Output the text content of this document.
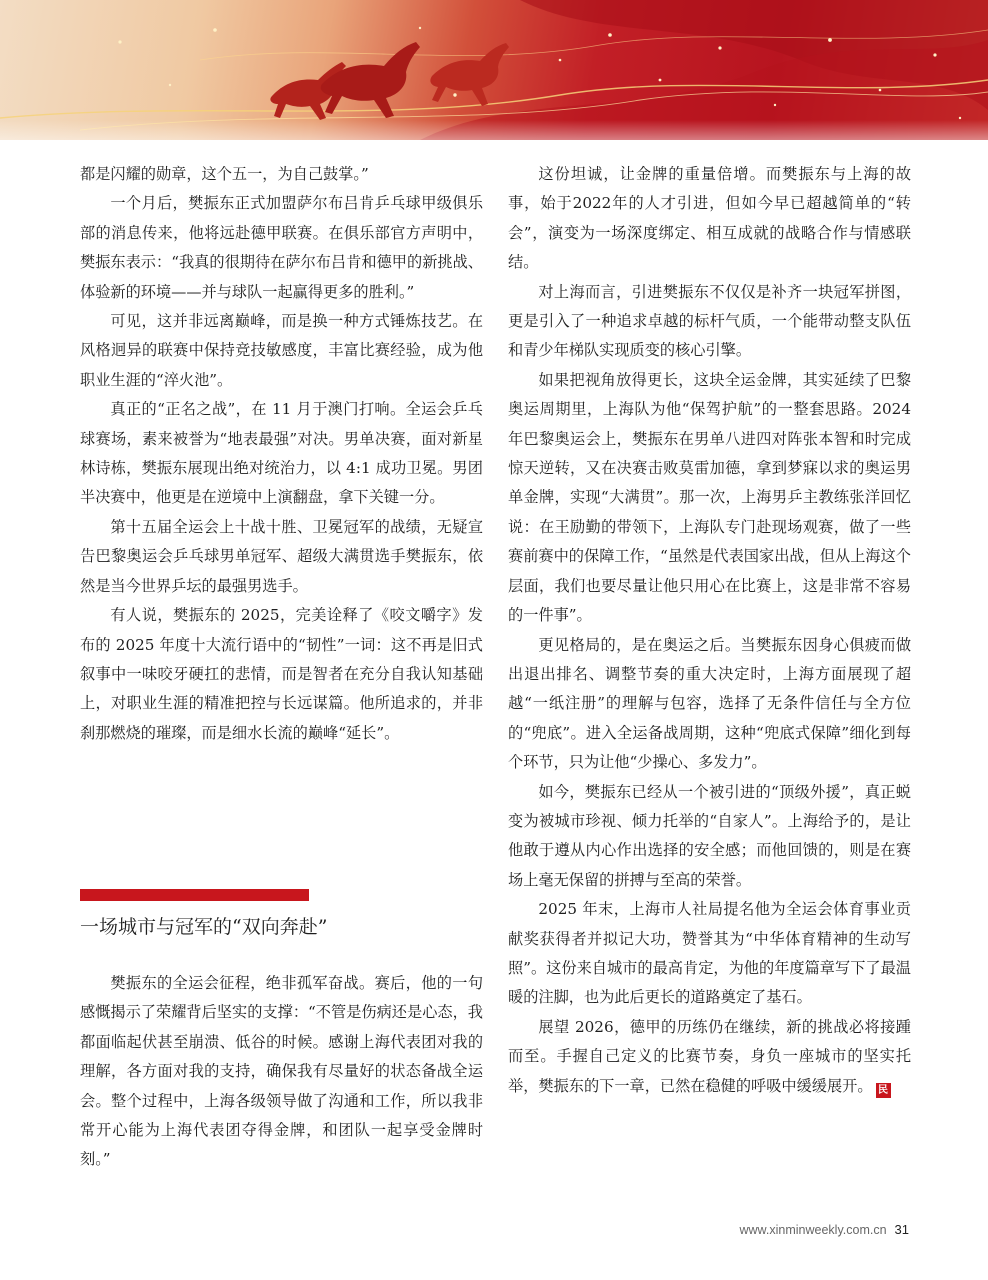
都是闪耀的勋章，这个五一，为自己鼓掌。”

一个月后，樊振东正式加盟萨尔布吕肯乒乓球甲级俱乐部的消息传来，他将远赴德甲联赛。在俱乐部官方声明中，樊振东表示：“我真的很期待在萨尔布吕肯和德甲的新挑战、体验新的环境——并与球队一起赢得更多的胜利。”

可见，这并非远离巅峰，而是换一种方式锤炼技艺。在风格迥异的联赛中保持竞技敏感度，丰富比赛经验，成为他职业生涯的“淬火池”。

真正的“正名之战”，在 11 月于澳门打响。全运会乒乓球赛场，素来被誉为“地表最强”对决。男单决赛，面对新星林诗栋，樊振东展现出绝对统治力，以 4:1 成功卫冕。男团半决赛中，他更是在逆境中上演翻盘，拿下关键一分。

第十五届全运会上十战十胜、卫冕冠军的战绩，无疑宣告巴黎奥运会乒乓球男单冠军、超级大满贯选手樊振东，依然是当今世界乒坛的最强男选手。

有人说，樊振东的 2025，完美诠释了《咬文嚼字》发布的 2025 年度十大流行语中的“韧性”一词：这不再是旧式叙事中一味咬牙硬扛的悲情，而是智者在充分自我认知基础上，对职业生涯的精准把控与长远谋篇。他所追求的，并非刹那燃烧的璀璨，而是细水长流的巅峰“延长”。

一场城市与冠军的“双向奔赴”

樊振东的全运会征程，绝非孤军奋战。赛后，他的一句感慨揭示了荣耀背后坚实的支撑：“不管是伤病还是心态，我都面临起伏甚至崩溃、低谷的时候。感谢上海代表团对我的理解，各方面对我的支持，确保我有尽量好的状态备战全运会。整个过程中，上海各级领导做了沟通和工作，所以我非常开心能为上海代表团夺得金牌，和团队一起享受金牌时刻。”

这份坦诚，让金牌的重量倍增。而樊振东与上海的故事，始于2022年的人才引进，但如今早已超越简单的“转会”，演变为一场深度绑定、相互成就的战略合作与情感联结。

对上海而言，引进樊振东不仅仅是补齐一块冠军拼图，更是引入了一种追求卓越的标杆气质，一个能带动整支队伍和青少年梯队实现质变的核心引擎。

如果把视角放得更长，这块全运金牌，其实延续了巴黎奥运周期里，上海队为他“保驾护航”的一整套思路。2024 年巴黎奥运会上，樊振东在男单八进四对阵张本智和时完成惊天逆转，又在决赛击败莫雷加德，拿到梦寐以求的奥运男单金牌，实现“大满贯”。那一次，上海男乒主教练张洋回忆说：在王励勤的带领下，上海队专门赴现场观赛，做了一些赛前赛中的保障工作，“虽然是代表国家出战，但从上海这个层面，我们也要尽量让他只用心在比赛上，这是非常不容易的一件事”。

更见格局的，是在奥运之后。当樊振东因身心俱疲而做出退出排名、调整节奏的重大决定时，上海方面展现了超越“一纸注册”的理解与包容，选择了无条件信任与全方位的“兜底”。进入全运备战周期，这种“兜底式保障”细化到每个环节，只为让他“少操心、多发力”。

如今，樊振东已经从一个被引进的“顶级外援”，真正蜕变为被城市珍视、倾力托举的“自家人”。上海给予的，是让他敢于遵从内心作出选择的安全感；而他回馈的，则是在赛场上毫无保留的拼搏与至高的荣誉。

2025 年末，上海市人社局提名他为全运会体育事业贡献奖获得者并拟记大功，赞誉其为“中华体育精神的生动写照”。这份来自城市的最高肯定，为他的年度篇章写下了最温暖的注脚，也为此后更长的道路奠定了基石。

展望 2026，德甲的历练仍在继续，新的挑战必将接踵而至。手握自己定义的比赛节奏，身负一座城市的坚实托举，樊振东的下一章，已然在稳健的呼吸中缓缓展开。 民

www.xinminweekly.com.cn 31
